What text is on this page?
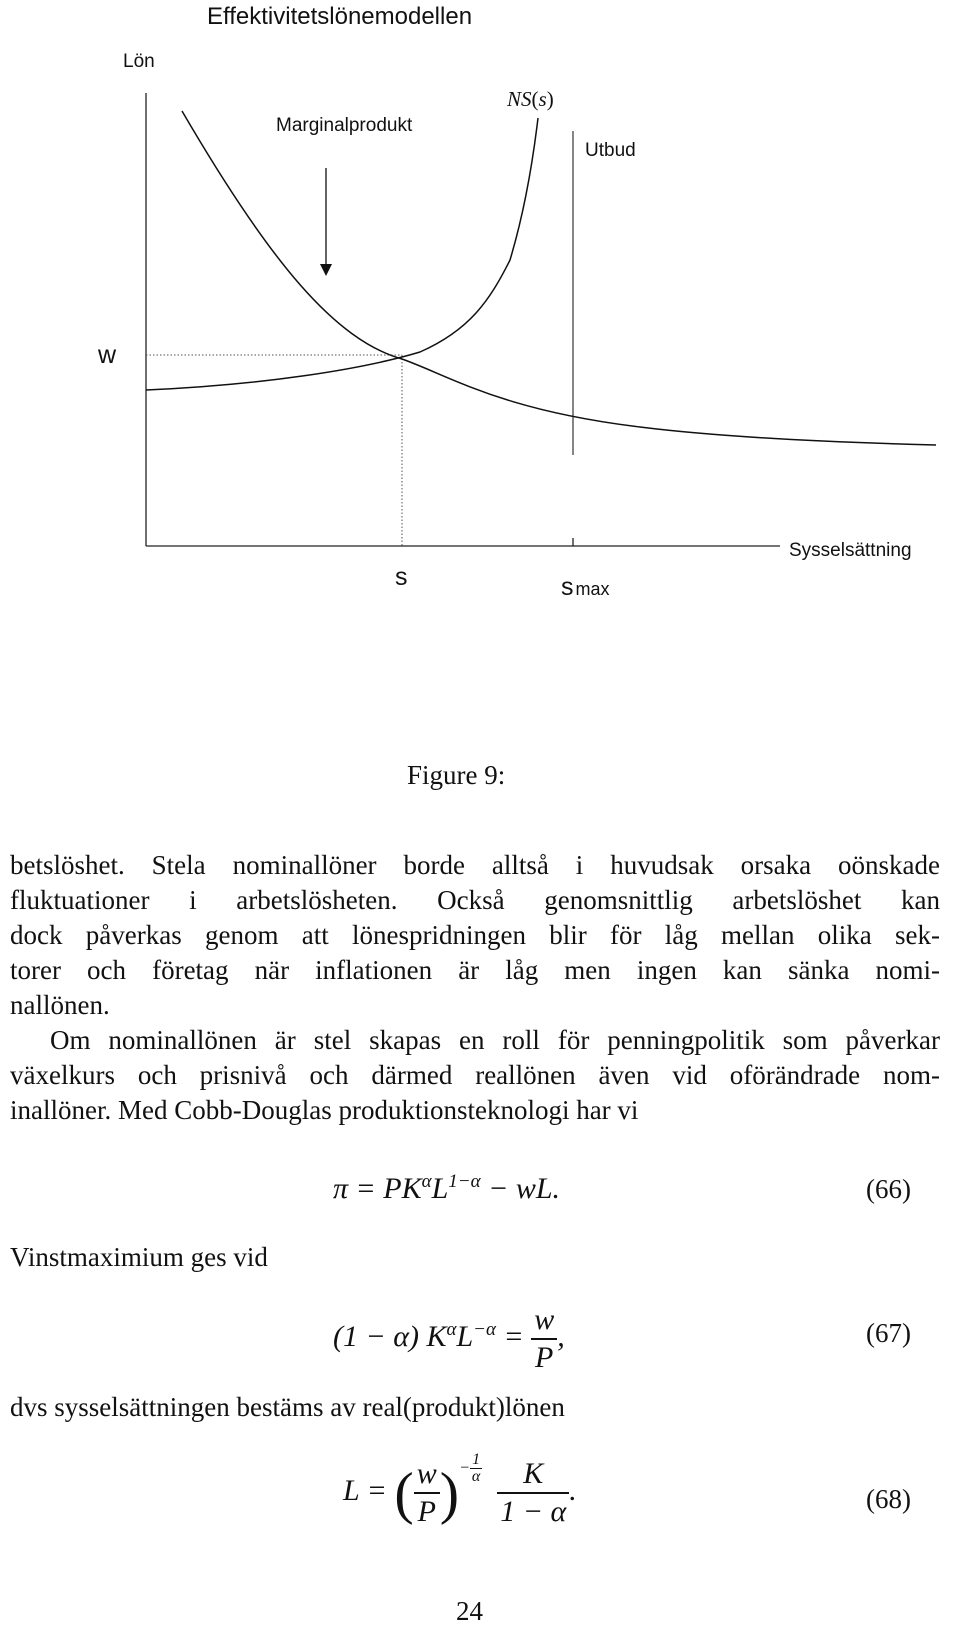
Effektivitetslönemodellen
Lön
Marginalprodukt
NS(s)
Utbud
w
Sysselsättning
s	s max
Figure 9:
betslöshet. Stela nominallöner borde alltså i huvudsak orsaka oönskade
fluktuationer i arbetslösheten. Också genomsnittlig arbetslöshet kan
dock påverkas genom att lönespridningen blir för låg mellan olika sek-
torer och företag när inflationen är låg men ingen kan sänka nomi-
nallönen.
Om nominallönen är stel skapas en roll för penningpolitik som påverkar
växelkurs och prisnivå och därmed reallönen även vid oförändrade nom-
inallöner. Med Cobb-Douglas produktionsteknologi har vi
$\pi = PK^\alpha L^{1-\alpha}$ − wL.	(66)
Vinstmaximium ges vid
(1 − α) $K^\alpha L^{-\alpha} = \frac{w}{P}$ ,	(67)
dvs sysselsättningen bestäms av real(produkt)lönen
L = ( $\frac{w}{P}$ )− $\frac{1}{\alpha}$
$\frac{K}{1 - \alpha}$ .	(68)
24
